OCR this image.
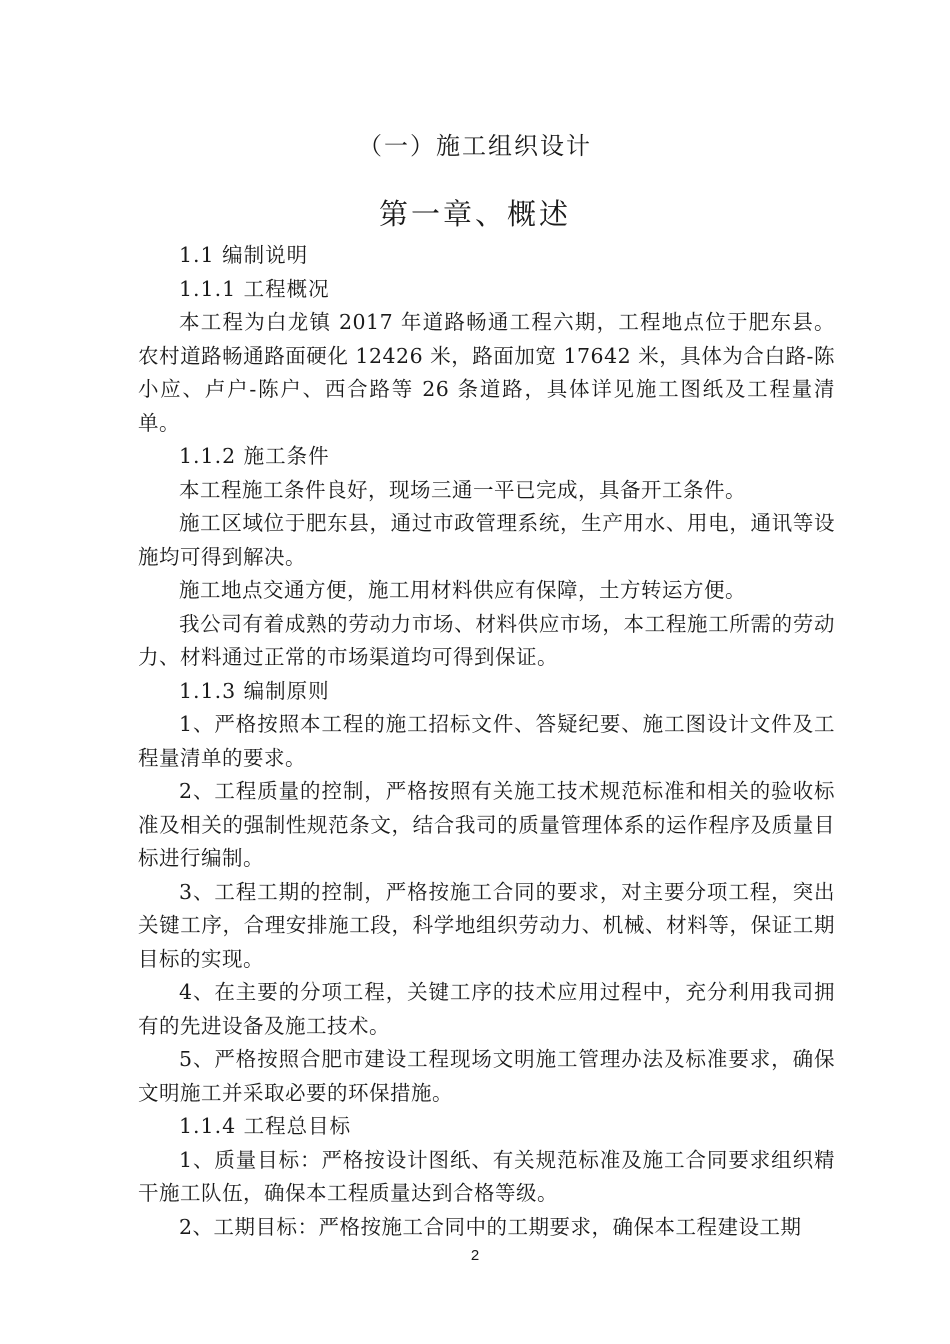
（一）施工组织设计
第一章、概述

1.1 编制说明

1.1.1 工程概况

本工程为白龙镇 2017 年道路畅通工程六期，工程地点位于肥东县。农村道路畅通路面硬化 12426 米，路面加宽 17642 米，具体为合白路-陈小应、卢户-陈户、西合路等 26 条道路，具体详见施工图纸及工程量清单。

1.1.2 施工条件

本工程施工条件良好，现场三通一平已完成，具备开工条件。

施工区域位于肥东县，通过市政管理系统，生产用水、用电，通讯等设施均可得到解决。

施工地点交通方便，施工用材料供应有保障，土方转运方便。

我公司有着成熟的劳动力市场、材料供应市场，本工程施工所需的劳动力、材料通过正常的市场渠道均可得到保证。

1.1.3 编制原则

1、严格按照本工程的施工招标文件、答疑纪要、施工图设计文件及工程量清单的要求。

2、工程质量的控制，严格按照有关施工技术规范标准和相关的验收标准及相关的强制性规范条文，结合我司的质量管理体系的运作程序及质量目标进行编制。

3、工程工期的控制，严格按施工合同的要求，对主要分项工程，突出关键工序，合理安排施工段，科学地组织劳动力、机械、材料等，保证工期目标的实现。

4、在主要的分项工程，关键工序的技术应用过程中，充分利用我司拥有的先进设备及施工技术。

5、严格按照合肥市建设工程现场文明施工管理办法及标准要求，确保文明施工并采取必要的环保措施。

1.1.4 工程总目标

1、质量目标：严格按设计图纸、有关规范标准及施工合同要求组织精干施工队伍，确保本工程质量达到合格等级。

2、工期目标：严格按施工合同中的工期要求，确保本工程建设工期

2
